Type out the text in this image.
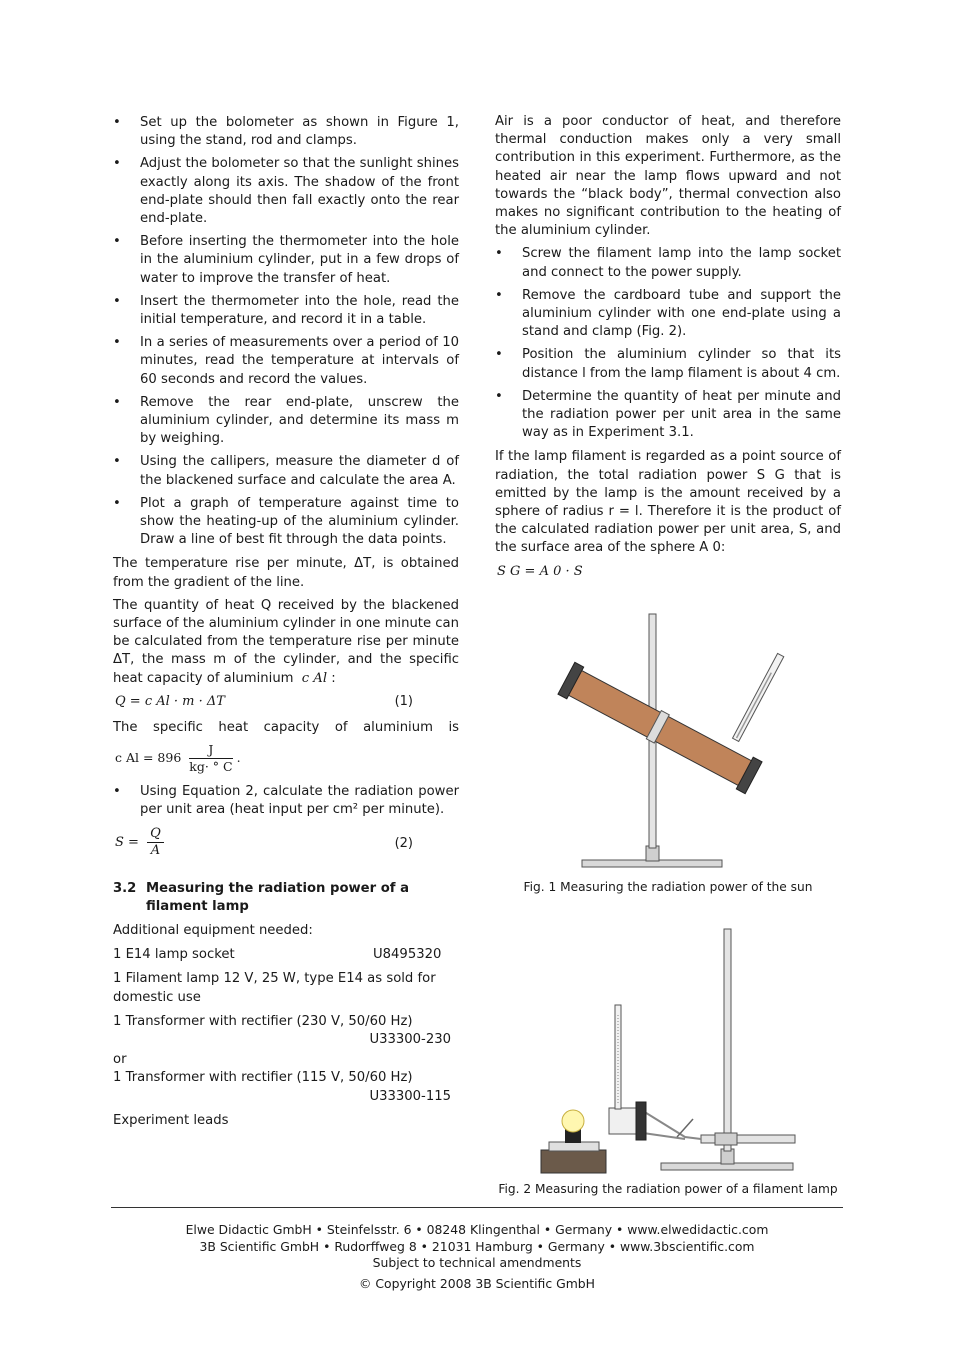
• Set up the bolometer as shown in Figure 1, using the stand, rod and clamps.
• Adjust the bolometer so that the sunlight shines exactly along its axis. The shadow of the front end-plate should then fall exactly onto the rear end-plate.
• Before inserting the thermometer into the hole in the aluminium cylinder, put in a few drops of water to improve the transfer of heat.
• Insert the thermometer into the hole, read the initial temperature, and record it in a table.
• In a series of measurements over a period of 10 minutes, read the temperature at intervals of 60 seconds and record the values.
• Remove the rear end-plate, unscrew the aluminium cylinder, and determine its mass m by weighing.
• Using the callipers, measure the diameter d of the blackened surface and calculate the area A.
• Plot a graph of temperature against time to show the heating-up of the aluminium cylinder. Draw a line of best fit through the data points.

The temperature rise per minute, ΔT, is obtained from the gradient of the line.

The quantity of heat Q received by the blackened surface of the aluminium cylinder in one minute can be calculated from the temperature rise per minute ΔT, the mass m of the cylinder, and the specific heat capacity of aluminium c Al :

Q = c Al · m · ΔT	(1)

The specific heat capacity of aluminium is

c $Al = 896 \frac{J}{kg\cdot ^\circ C}$ .
• Using Equation 2, calculate the radiation power per unit area (heat input per cm² per minute).
$S = \frac{Q}{A}$	(2)
3.2 Measuring the radiation power of a filament lamp

Additional equipment needed:

1 E14 lamp socket	U8495320

1 Filament lamp 12 V, 25 W, type E14 as sold for domestic use

1 Transformer with rectifier (230 V, 50/60 Hz)
U33300-230
or
1 Transformer with rectifier (115 V, 50/60 Hz)
U33300-115
Experiment leads

Air is a poor conductor of heat, and therefore thermal conduction makes only a very small contribution in this experiment. Furthermore, as the heated air near the lamp flows upward and not towards the “black body”, thermal convection also makes no significant contribution to the heating of the aluminium cylinder.

• Screw the filament lamp into the lamp socket and connect to the power supply.
• Remove the cardboard tube and support the aluminium cylinder with one end-plate using a stand and clamp (Fig. 2).
• Position the aluminium cylinder so that its distance l from the lamp filament is about 4 cm.
• Determine the quantity of heat per minute and the radiation power per unit area in the same way as in Experiment 3.1.

If the lamp filament is regarded as a point source of radiation, the total radiation power S G that is emitted by the lamp is the amount received by a sphere of radius r = l. Therefore it is the product of the calculated radiation power per unit area, S, and the surface area of the sphere A 0:

S G = A 0 · S
Fig. 1 Measuring the radiation power of the sun
Fig. 2 Measuring the radiation power of a filament lamp
Elwe Didactic GmbH • Steinfelsstr. 6 • 08248 Klingenthal • Germany • www.elwedidactic.com
3B Scientific GmbH • Rudorffweg 8 • 21031 Hamburg • Germany • www.3bscientific.com
Subject to technical amendments
© Copyright 2008 3B Scientific GmbH
